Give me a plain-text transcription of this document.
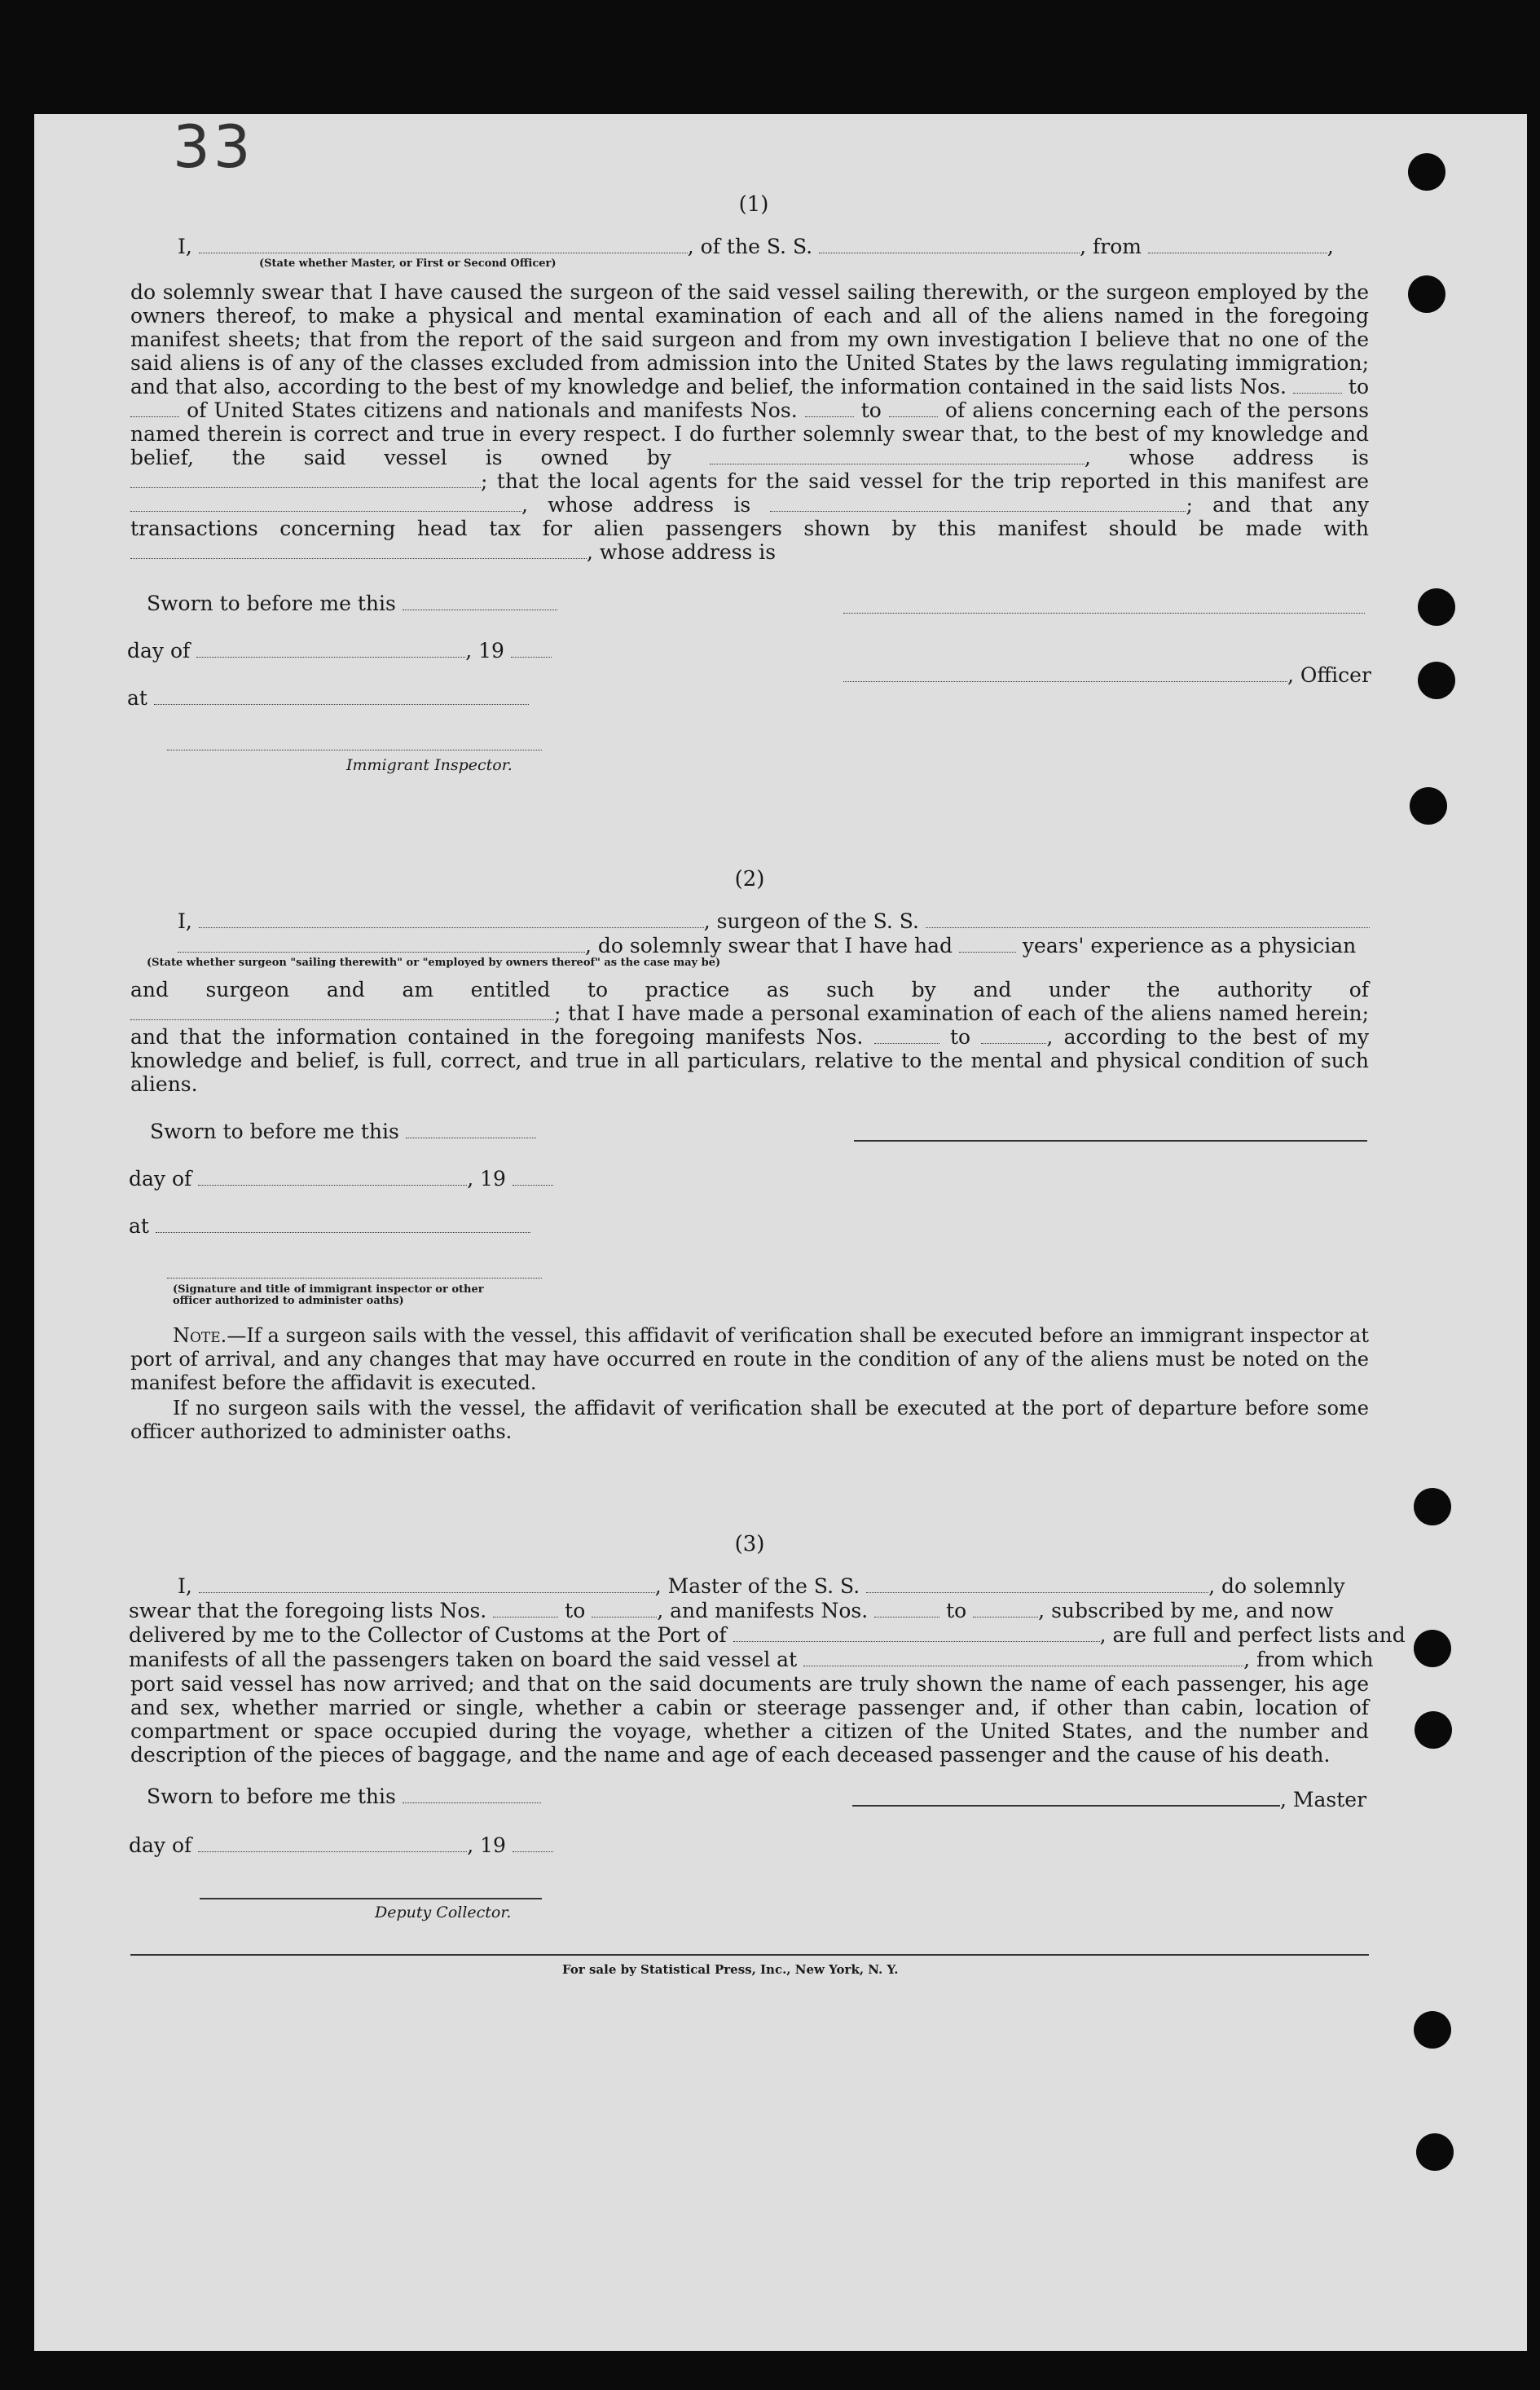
33
(1)
I,	, of the S. S.	, from	,
(State whether Master, or First or Second Officer)
do solemnly swear that I have caused the surgeon of the said vessel sailing therewith, or the surgeon employed by the owners thereof, to make a physical and mental examination of each and all of the aliens named in the foregoing manifest sheets; that from the report of the said surgeon and from my own investigation I believe that no one of the said aliens is of any of the classes excluded from admission into the United States by the laws regulating immigration; and that also, according to the best of my knowledge and belief, the information contained in the said lists Nos.	to  of United States citizens and nationals and manifests Nos.	to	of aliens concerning each of the persons named therein is correct and true in every respect. I do further solemnly swear that, to the best of my knowledge and belief, the said vessel is owned by	, whose address is ; that the local agents for the said vessel for the trip reported in this manifest are , whose address is	; and that any transactions concerning head tax for alien passengers shown by this manifest should be made with , whose address is
Sworn to before me this
day of	, 19
, Officer
at
Immigrant Inspector.
(2)
I,	, surgeon of the S. S.
, do solemnly swear that I have had	years' experience as a physician
(State whether surgeon "sailing therewith" or "employed by owners thereof" as the case may be)
and surgeon and am entitled to practice as such by and under the authority of ; that I have made a personal examination of each of the aliens named herein; and that the information contained in the foregoing manifests Nos.	to	, according to the best of my knowledge and belief, is full, correct, and true in all particulars, relative to the mental and physical condition of such aliens.
Sworn to before me this
day of	, 19
at
(Signature and title of immigrant inspector or other officer authorized to administer oaths)
Note.—If a surgeon sails with the vessel, this affidavit of verification shall be executed before an immigrant inspector at port of arrival, and any changes that may have occurred en route in the condition of any of the aliens must be noted on the manifest before the affidavit is executed.
If no surgeon sails with the vessel, the affidavit of verification shall be executed at the port of departure before some officer authorized to administer oaths.
(3)
I,	, Master of the S. S.	, do solemnly
swear that the foregoing lists Nos.	to	, and manifests Nos.	to	, subscribed by me, and now
delivered by me to the Collector of Customs at the Port of	, are full and perfect lists and
manifests of all the passengers taken on board the said vessel at	, from which
port said vessel has now arrived; and that on the said documents are truly shown the name of each passenger, his age and sex, whether married or single, whether a cabin or steerage passenger and, if other than cabin, location of compartment or space occupied during the voyage, whether a citizen of the United States, and the number and description of the pieces of baggage, and the name and age of each deceased passenger and the cause of his death.
Sworn to before me this	, Master
day of	, 19
Deputy Collector.
For sale by Statistical Press, Inc., New York, N. Y.
